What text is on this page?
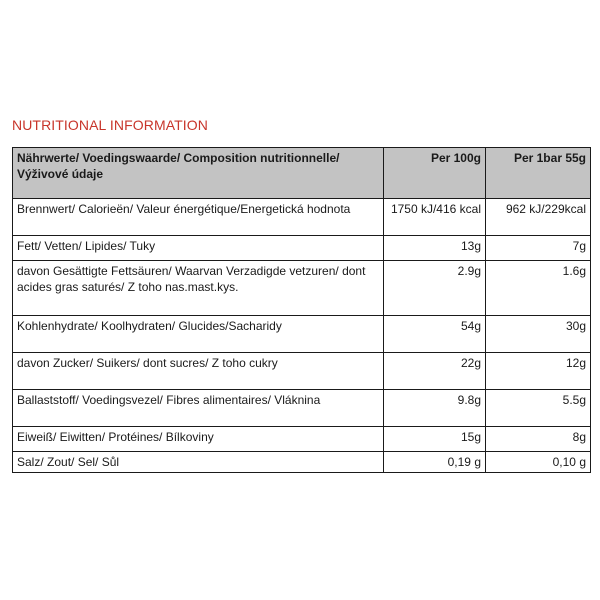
NUTRITIONAL INFORMATION
Nährwerte/ Voedingswaarde/ Composition nutritionnelle/ Výživové údaje	Per 100g	Per 1bar 55g
Brennwert/ Calorieën/ Valeur énergétique/Energetická hodnota	1750 kJ/416 kcal	962 kJ/229kcal
Fett/ Vetten/ Lipides/ Tuky	13g	7g
davon Gesättigte Fettsäuren/ Waarvan Verzadigde vetzuren/ dont acides gras saturés/ Z toho nas.mast.kys.	2.9g	1.6g
Kohlenhydrate/ Koolhydraten/ Glucides/Sacharidy	54g	30g
davon Zucker/ Suikers/ dont sucres/ Z toho cukry	22g	12g
Ballaststoff/ Voedingsvezel/ Fibres alimentaires/ Vláknina	9.8g	5.5g
Eiweiß/ Eiwitten/ Protéines/ Bílkoviny	15g	8g
Salz/ Zout/ Sel/ Sůl	0,19 g	0,10 g
